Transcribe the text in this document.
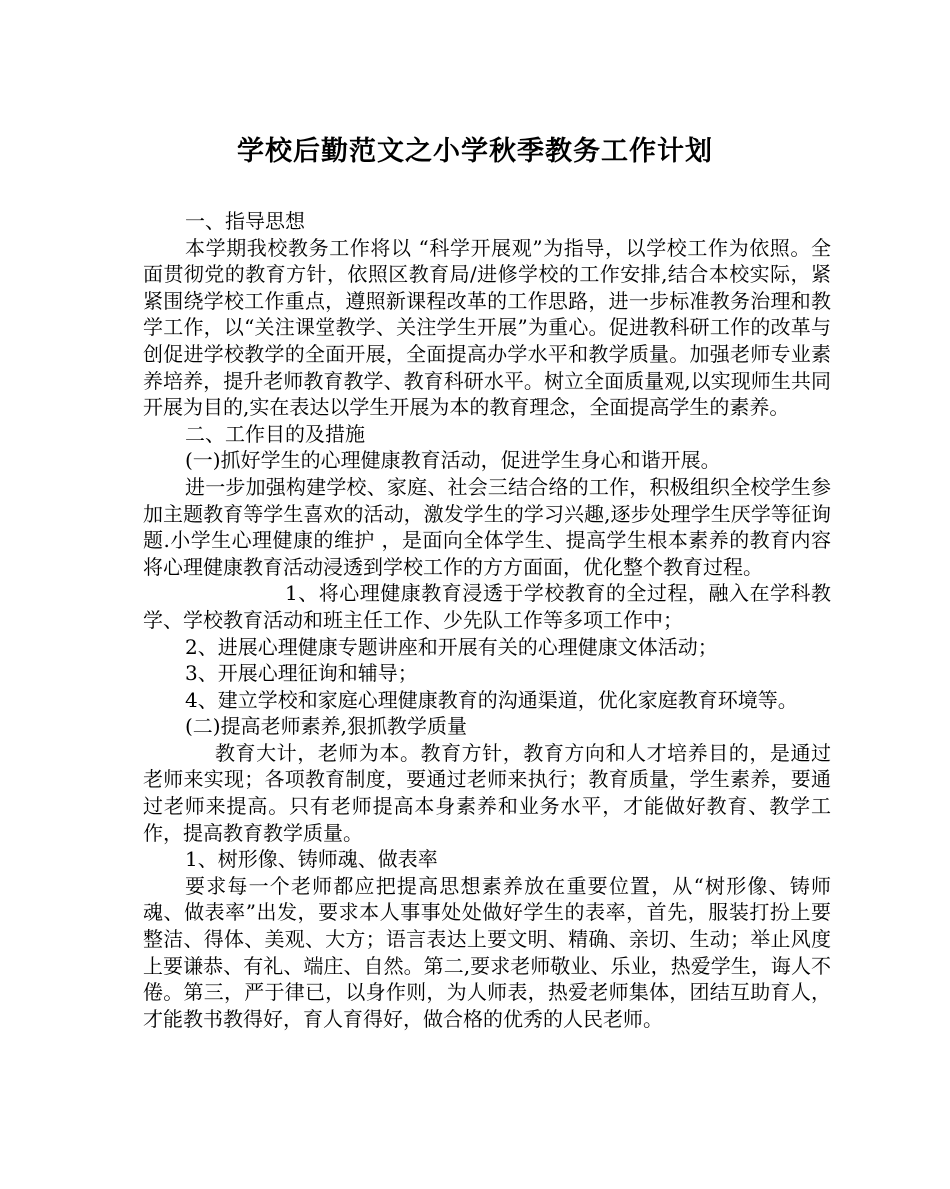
学校后勤范文之小学秋季教务工作计划

一、指导思想

本学期我校教务工作将以 “科学开展观”为指导，以学校工作为依照。全面贯彻党的教育方针，依照区教育局/进修学校的工作安排,结合本校实际，紧紧围绕学校工作重点，遵照新课程改革的工作思路，进一步标准教务治理和教学工作，以“关注课堂教学、关注学生开展”为重心。促进教科研工作的改革与创促进学校教学的全面开展，全面提高办学水平和教学质量。加强老师专业素养培养，提升老师教育教学、教育科研水平。树立全面质量观,以实现师生共同开展为目的,实在表达以学生开展为本的教育理念，全面提高学生的素养。

二、工作目的及措施

(一)抓好学生的心理健康教育活动，促进学生身心和谐开展。

进一步加强构建学校、家庭、社会三结合络的工作，积极组织全校学生参加主题教育等学生喜欢的活动，激发学生的学习兴趣,逐步处理学生厌学等征询题.小学生心理健康的维护 ，是面向全体学生、提高学生根本素养的教育内容将心理健康教育活动浸透到学校工作的方方面面，优化整个教育过程。

1、将心理健康教育浸透于学校教育的全过程，融入在学科教学、学校教育活动和班主任工作、少先队工作等多项工作中；

2、进展心理健康专题讲座和开展有关的心理健康文体活动；

3、开展心理征询和辅导；

4、建立学校和家庭心理健康教育的沟通渠道，优化家庭教育环境等。

(二)提高老师素养,狠抓教学质量

教育大计，老师为本。教育方针，教育方向和人才培养目的，是通过老师来实现；各项教育制度，要通过老师来执行；教育质量，学生素养，要通过老师来提高。只有老师提高本身素养和业务水平，才能做好教育、教学工作，提高教育教学质量。

1、树形像、铸师魂、做表率

要求每一个老师都应把提高思想素养放在重要位置，从“树形像、铸师魂、做表率”出发，要求本人事事处处做好学生的表率，首先，服装打扮上要整洁、得体、美观、大方；语言表达上要文明、精确、亲切、生动；举止风度上要谦恭、有礼、端庄、自然。第二,要求老师敬业、乐业，热爱学生，诲人不倦。第三，严于律已，以身作则，为人师表，热爱老师集体，团结互助育人，才能教书教得好，育人育得好，做合格的优秀的人民老师。
